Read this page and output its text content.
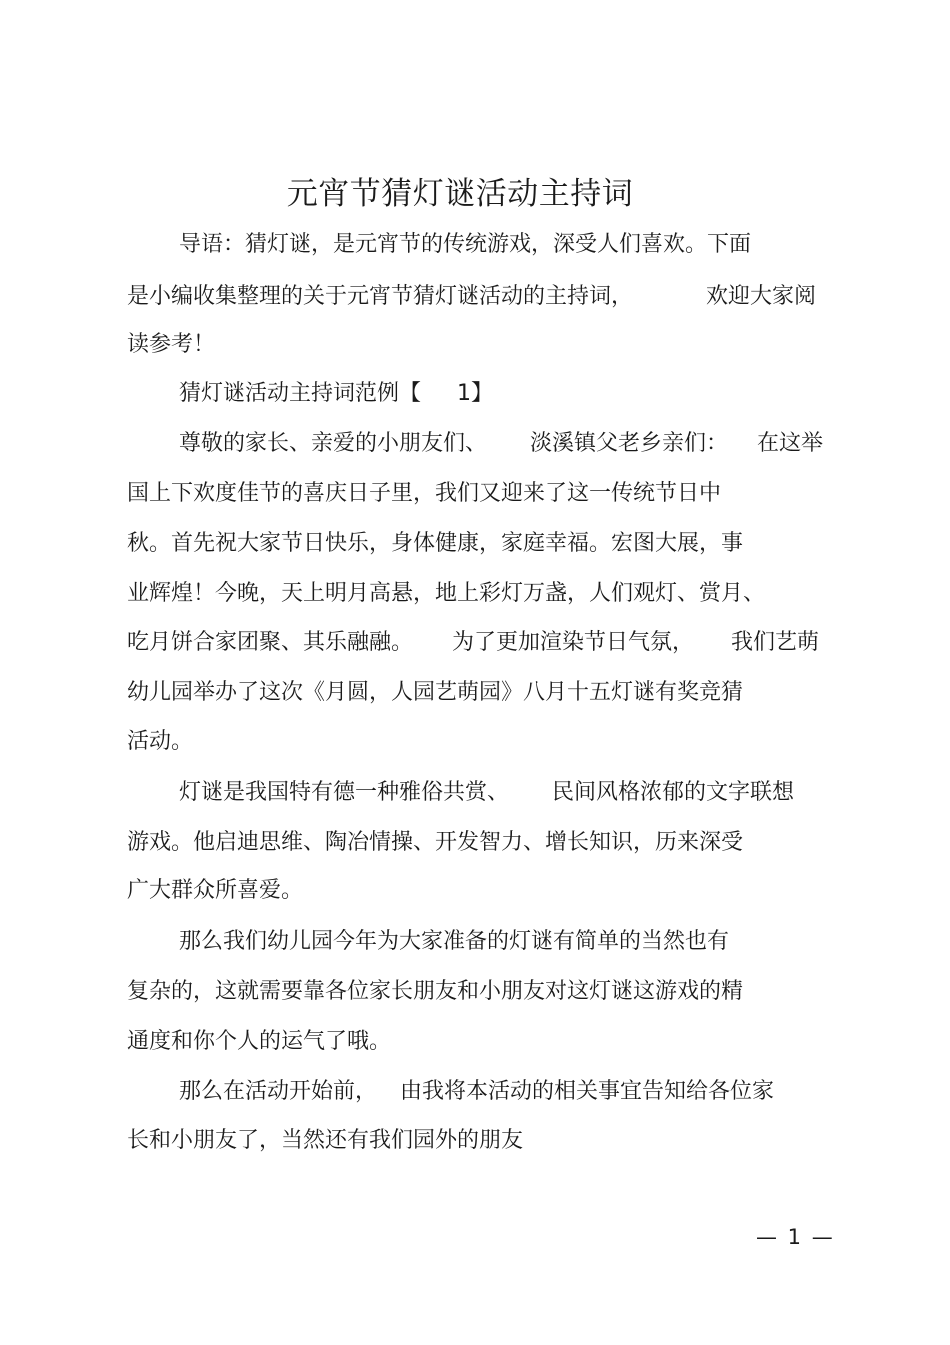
元宵节猜灯谜活动主持词
导语：猜灯谜，是元宵节的传统游戏，深受人们喜欢。下面
是小编收集整理的关于元宵节猜灯谜活动的主持词，	欢迎大家阅
读参考！
猜灯谜活动主持词范例【 1】
尊敬的家长、亲爱的小朋友们、 淡溪镇父老乡亲们： 在这举
国上下欢度佳节的喜庆日子里，我们又迎来了这一传统节日中
秋。首先祝大家节日快乐，身体健康，家庭幸福。宏图大展，事
业辉煌！今晚，天上明月高悬，地上彩灯万盏，人们观灯、赏月、
吃月饼合家团聚、其乐融融。 为了更加渲染节日气氛， 我们艺萌
幼儿园举办了这次《月圆，人园艺萌园》八月十五灯谜有奖竞猜
活动。
灯谜是我国特有德一种雅俗共赏、 民间风格浓郁的文字联想
游戏。他启迪思维、陶冶情操、开发智力、增长知识，历来深受
广大群众所喜爱。
那么我们幼儿园今年为大家准备的灯谜有简单的当然也有
复杂的，这就需要靠各位家长朋友和小朋友对这灯谜这游戏的精
通度和你个人的运气了哦。
那么在活动开始前， 由我将本活动的相关事宜告知给各位家
长和小朋友了，当然还有我们园外的朋友
— 1 —
